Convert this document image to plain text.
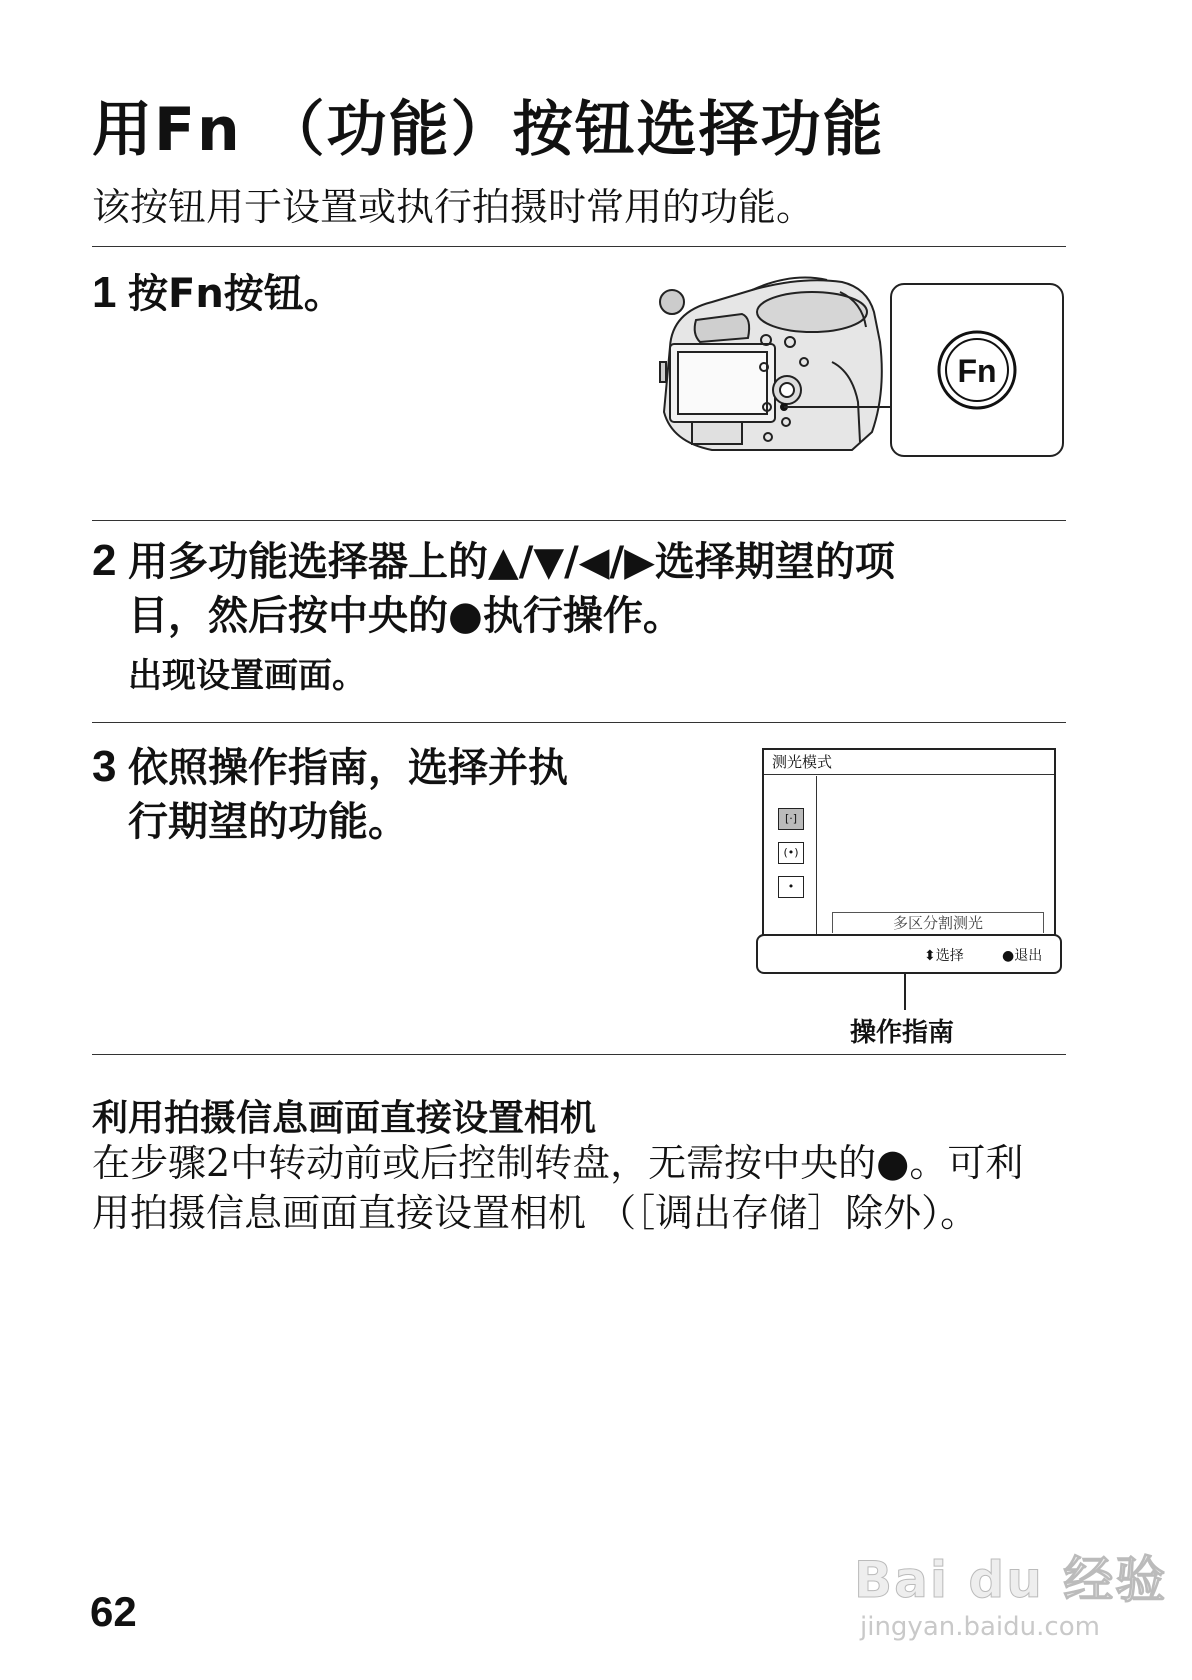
用Fn （功能）按钮选择功能
该按钮用于设置或执行拍摄时常用的功能。
1 按Fn按钮。
Fn
2 用多功能选择器上的▲/▼/◀/▶选择期望的项
目，然后按中央的●执行操作。
出现设置画面。
3 依照操作指南，选择并执
行期望的功能。
测光模式
[·]
(•)
•
多区分割测光
⬍选择	●退出
操作指南
利用拍摄信息画面直接设置相机
在步骤2中转动前或后控制转盘，无需按中央的●。可利用拍摄信息画面直接设置相机 （［调出存储］除外）。
62
Bai du 经验
jingyan.baidu.com
